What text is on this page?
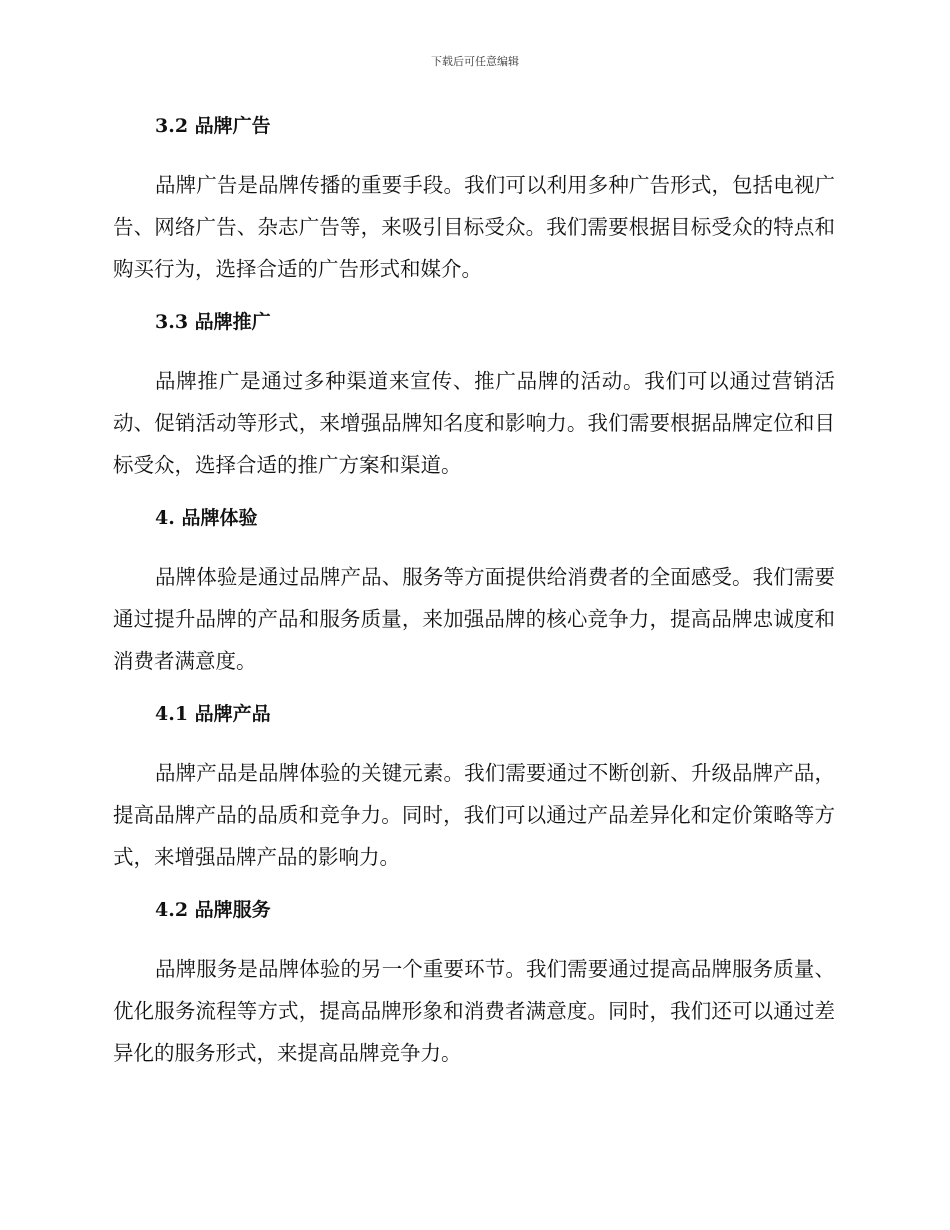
下载后可任意编辑
3.2 品牌广告

品牌广告是品牌传播的重要手段。我们可以利用多种广告形式，包括电视广告、网络广告、杂志广告等，来吸引目标受众。我们需要根据目标受众的特点和购买行为，选择合适的广告形式和媒介。

3.3 品牌推广

品牌推广是通过多种渠道来宣传、推广品牌的活动。我们可以通过营销活动、促销活动等形式，来增强品牌知名度和影响力。我们需要根据品牌定位和目标受众，选择合适的推广方案和渠道。

4. 品牌体验

品牌体验是通过品牌产品、服务等方面提供给消费者的全面感受。我们需要通过提升品牌的产品和服务质量，来加强品牌的核心竞争力，提高品牌忠诚度和消费者满意度。

4.1 品牌产品

品牌产品是品牌体验的关键元素。我们需要通过不断创新、升级品牌产品，提高品牌产品的品质和竞争力。同时，我们可以通过产品差异化和定价策略等方式，来增强品牌产品的影响力。

4.2 品牌服务

品牌服务是品牌体验的另一个重要环节。我们需要通过提高品牌服务质量、优化服务流程等方式，提高品牌形象和消费者满意度。同时，我们还可以通过差异化的服务形式，来提高品牌竞争力。
